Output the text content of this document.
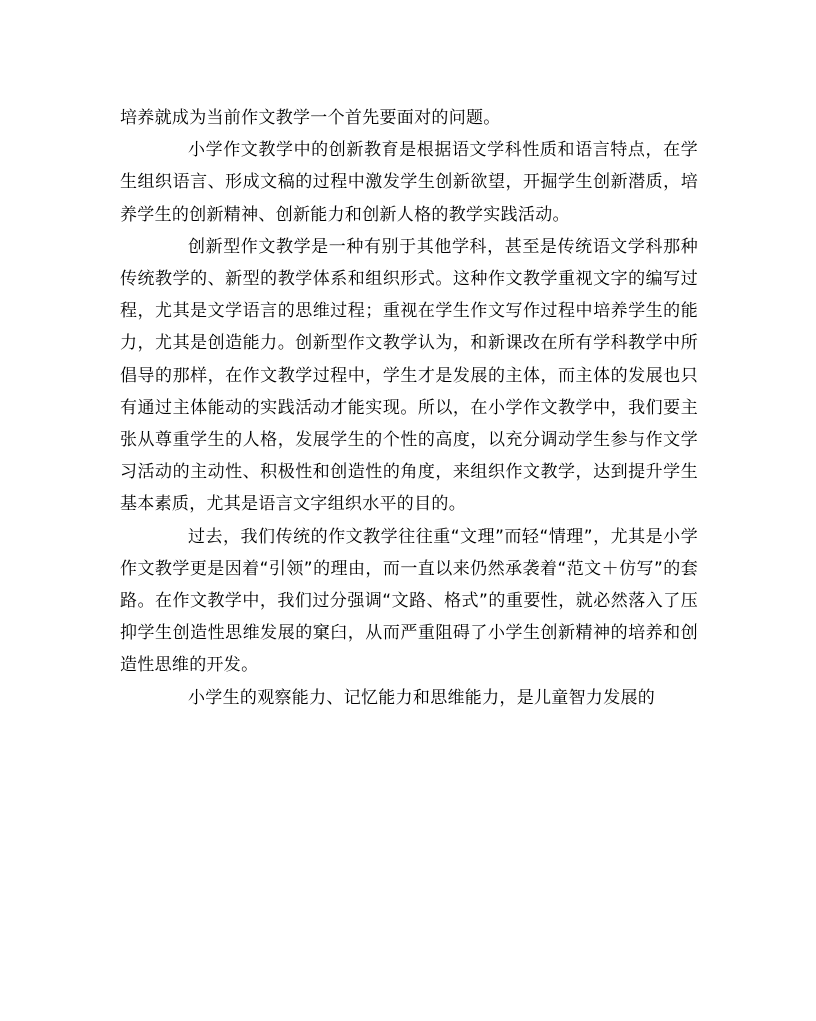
培养就成为当前作文教学一个首先要面对的问题。

小学作文教学中的创新教育是根据语文学科性质和语言特点，在学生组织语言、形成文稿的过程中激发学生创新欲望，开掘学生创新潜质，培养学生的创新精神、创新能力和创新人格的教学实践活动。

创新型作文教学是一种有别于其他学科，甚至是传统语文学科那种传统教学的、新型的教学体系和组织形式。这种作文教学重视文字的编写过程，尤其是文学语言的思维过程；重视在学生作文写作过程中培养学生的能力，尤其是创造能力。创新型作文教学认为，和新课改在所有学科教学中所倡导的那样，在作文教学过程中，学生才是发展的主体，而主体的发展也只有通过主体能动的实践活动才能实现。所以，在小学作文教学中，我们要主张从尊重学生的人格，发展学生的个性的高度，以充分调动学生参与作文学习活动的主动性、积极性和创造性的角度，来组织作文教学，达到提升学生基本素质，尤其是语言文字组织水平的目的。

过去，我们传统的作文教学往往重“文理”而轻“情理”，尤其是小学作文教学更是因着“引领”的理由，而一直以来仍然承袭着“范文＋仿写”的套路。在作文教学中，我们过分强调“文路、格式”的重要性，就必然落入了压抑学生创造性思维发展的窠臼，从而严重阻碍了小学生创新精神的培养和创造性思维的开发。

小学生的观察能力、记忆能力和思维能力，是儿童智力发展的
